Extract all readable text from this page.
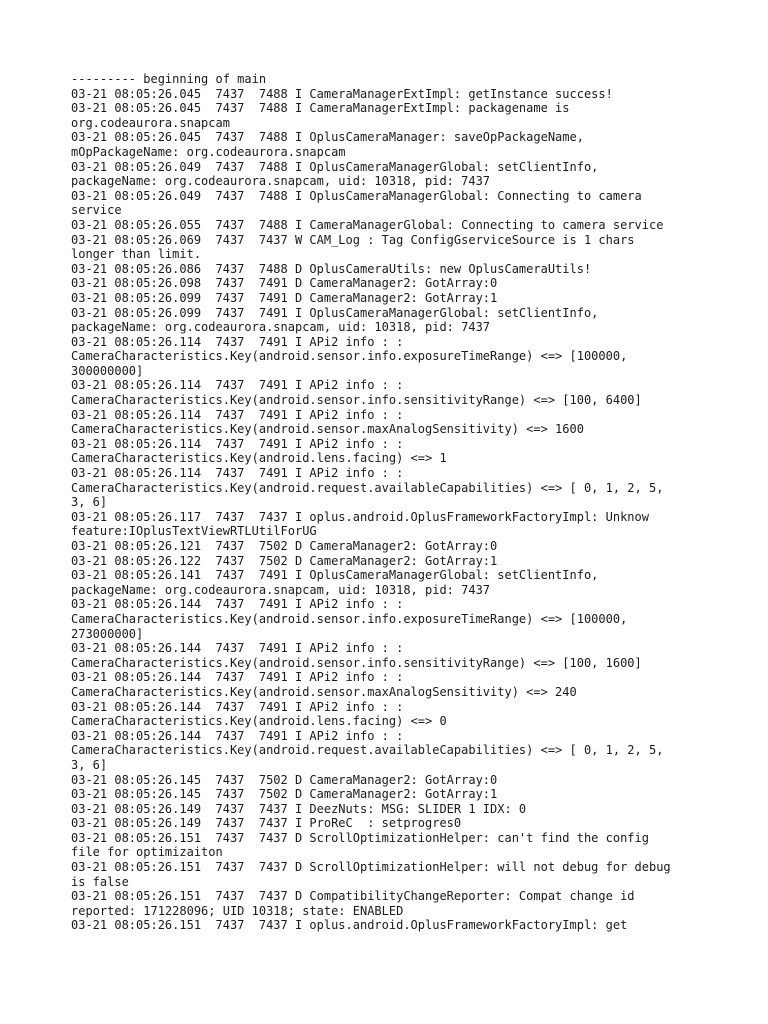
--------- beginning of main
03-21 08:05:26.045  7437  7488 I CameraManagerExtImpl: getInstance success!
03-21 08:05:26.045  7437  7488 I CameraManagerExtImpl: packagename is
org.codeaurora.snapcam
03-21 08:05:26.045  7437  7488 I OplusCameraManager: saveOpPackageName,
mOpPackageName: org.codeaurora.snapcam
03-21 08:05:26.049  7437  7488 I OplusCameraManagerGlobal: setClientInfo,
packageName: org.codeaurora.snapcam, uid: 10318, pid: 7437
03-21 08:05:26.049  7437  7488 I OplusCameraManagerGlobal: Connecting to camera
service
03-21 08:05:26.055  7437  7488 I CameraManagerGlobal: Connecting to camera service
03-21 08:05:26.069  7437  7437 W CAM_Log : Tag ConfigGserviceSource is 1 chars
longer than limit.
03-21 08:05:26.086  7437  7488 D OplusCameraUtils: new OplusCameraUtils!
03-21 08:05:26.098  7437  7491 D CameraManager2: GotArray:0
03-21 08:05:26.099  7437  7491 D CameraManager2: GotArray:1
03-21 08:05:26.099  7437  7491 I OplusCameraManagerGlobal: setClientInfo,
packageName: org.codeaurora.snapcam, uid: 10318, pid: 7437
03-21 08:05:26.114  7437  7491 I APi2 info : :
CameraCharacteristics.Key(android.sensor.info.exposureTimeRange) <=> [100000,
300000000]
03-21 08:05:26.114  7437  7491 I APi2 info : :
CameraCharacteristics.Key(android.sensor.info.sensitivityRange) <=> [100, 6400]
03-21 08:05:26.114  7437  7491 I APi2 info : :
CameraCharacteristics.Key(android.sensor.maxAnalogSensitivity) <=> 1600
03-21 08:05:26.114  7437  7491 I APi2 info : :
CameraCharacteristics.Key(android.lens.facing) <=> 1
03-21 08:05:26.114  7437  7491 I APi2 info : :
CameraCharacteristics.Key(android.request.availableCapabilities) <=> [ 0, 1, 2, 5,
3, 6]
03-21 08:05:26.117  7437  7437 I oplus.android.OplusFrameworkFactoryImpl: Unknow
feature:IOplusTextViewRTLUtilForUG
03-21 08:05:26.121  7437  7502 D CameraManager2: GotArray:0
03-21 08:05:26.122  7437  7502 D CameraManager2: GotArray:1
03-21 08:05:26.141  7437  7491 I OplusCameraManagerGlobal: setClientInfo,
packageName: org.codeaurora.snapcam, uid: 10318, pid: 7437
03-21 08:05:26.144  7437  7491 I APi2 info : :
CameraCharacteristics.Key(android.sensor.info.exposureTimeRange) <=> [100000,
273000000]
03-21 08:05:26.144  7437  7491 I APi2 info : :
CameraCharacteristics.Key(android.sensor.info.sensitivityRange) <=> [100, 1600]
03-21 08:05:26.144  7437  7491 I APi2 info : :
CameraCharacteristics.Key(android.sensor.maxAnalogSensitivity) <=> 240
03-21 08:05:26.144  7437  7491 I APi2 info : :
CameraCharacteristics.Key(android.lens.facing) <=> 0
03-21 08:05:26.144  7437  7491 I APi2 info : :
CameraCharacteristics.Key(android.request.availableCapabilities) <=> [ 0, 1, 2, 5,
3, 6]
03-21 08:05:26.145  7437  7502 D CameraManager2: GotArray:0
03-21 08:05:26.145  7437  7502 D CameraManager2: GotArray:1
03-21 08:05:26.149  7437  7437 I DeezNuts: MSG: SLIDER 1 IDX: 0
03-21 08:05:26.149  7437  7437 I ProReC  : setprogres0
03-21 08:05:26.151  7437  7437 D ScrollOptimizationHelper: can't find the config
file for optimizaiton
03-21 08:05:26.151  7437  7437 D ScrollOptimizationHelper: will not debug for debug
is false
03-21 08:05:26.151  7437  7437 D CompatibilityChangeReporter: Compat change id
reported: 171228096; UID 10318; state: ENABLED
03-21 08:05:26.151  7437  7437 I oplus.android.OplusFrameworkFactoryImpl: get
